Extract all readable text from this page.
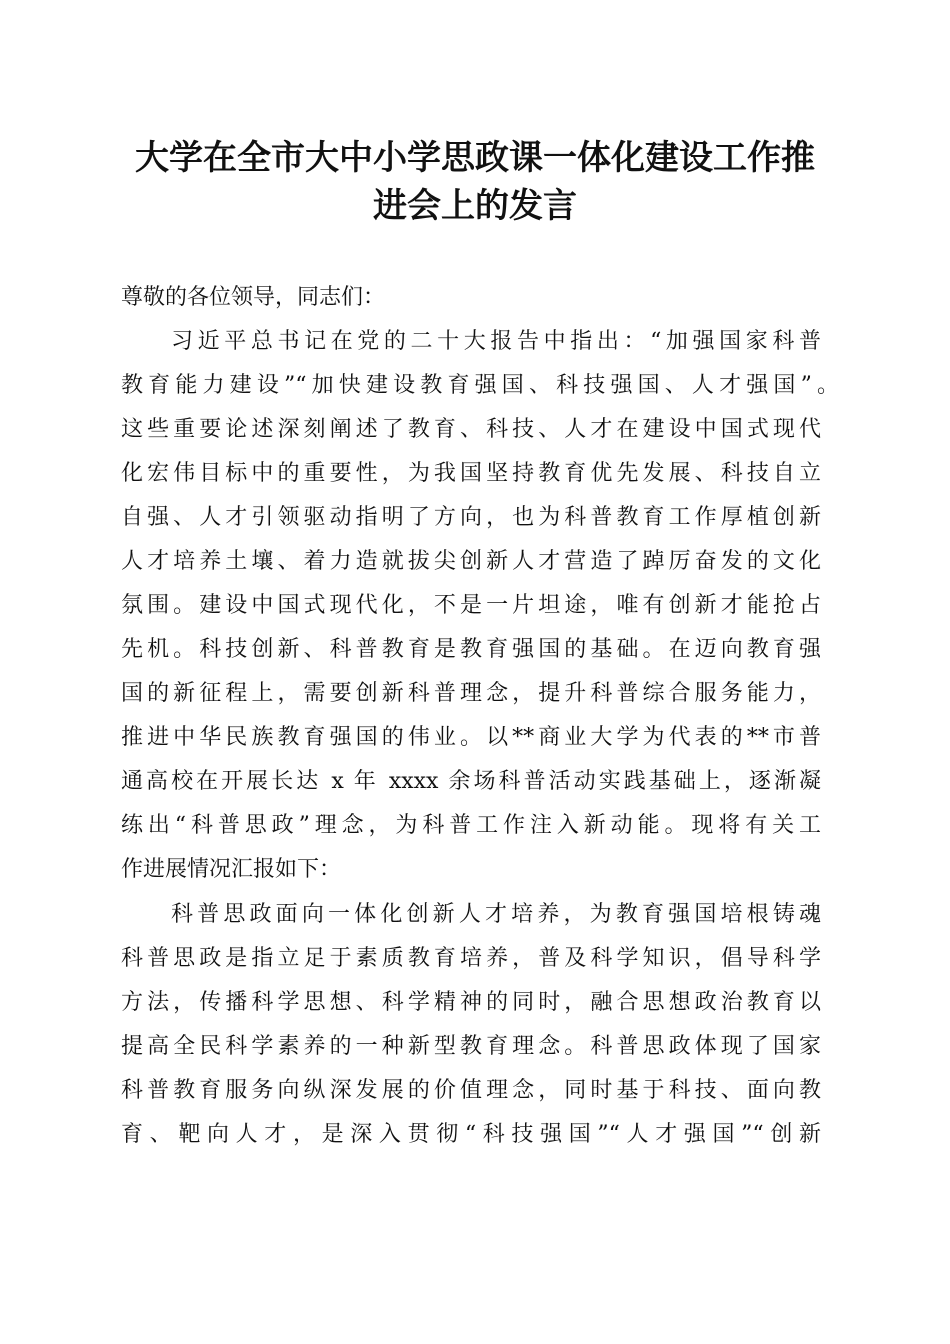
大学在全市大中小学思政课一体化建设工作推
进会上的发言

尊敬的各位领导，同志们：

习近平总书记在党的二十大报告中指出：“加强国家科普

教育能力建设”“加快建设教育强国、科技强国、人才强国”。

这些重要论述深刻阐述了教育、科技、人才在建设中国式现代

化宏伟目标中的重要性，为我国坚持教育优先发展、科技自立

自强、人才引领驱动指明了方向，也为科普教育工作厚植创新

人才培养土壤、着力造就拔尖创新人才营造了踔厉奋发的文化

氛围。建设中国式现代化，不是一片坦途，唯有创新才能抢占

先机。科技创新、科普教育是教育强国的基础。在迈向教育强

国的新征程上，需要创新科普理念，提升科普综合服务能力，

推进中华民族教育强国的伟业。以**商业大学为代表的**市普

通高校在开展长达 x 年 xxxx 余场科普活动实践基础上，逐渐凝

练出“科普思政”理念，为科普工作注入新动能。现将有关工

作进展情况汇报如下：

科普思政面向一体化创新人才培养，为教育强国培根铸魂

科普思政是指立足于素质教育培养，普及科学知识，倡导科学

方法，传播科学思想、科学精神的同时，融合思想政治教育以

提高全民科学素养的一种新型教育理念。科普思政体现了国家

科普教育服务向纵深发展的价值理念，同时基于科技、面向教

育、靶向人才，是深入贯彻“科技强国”“人才强国”“创新
